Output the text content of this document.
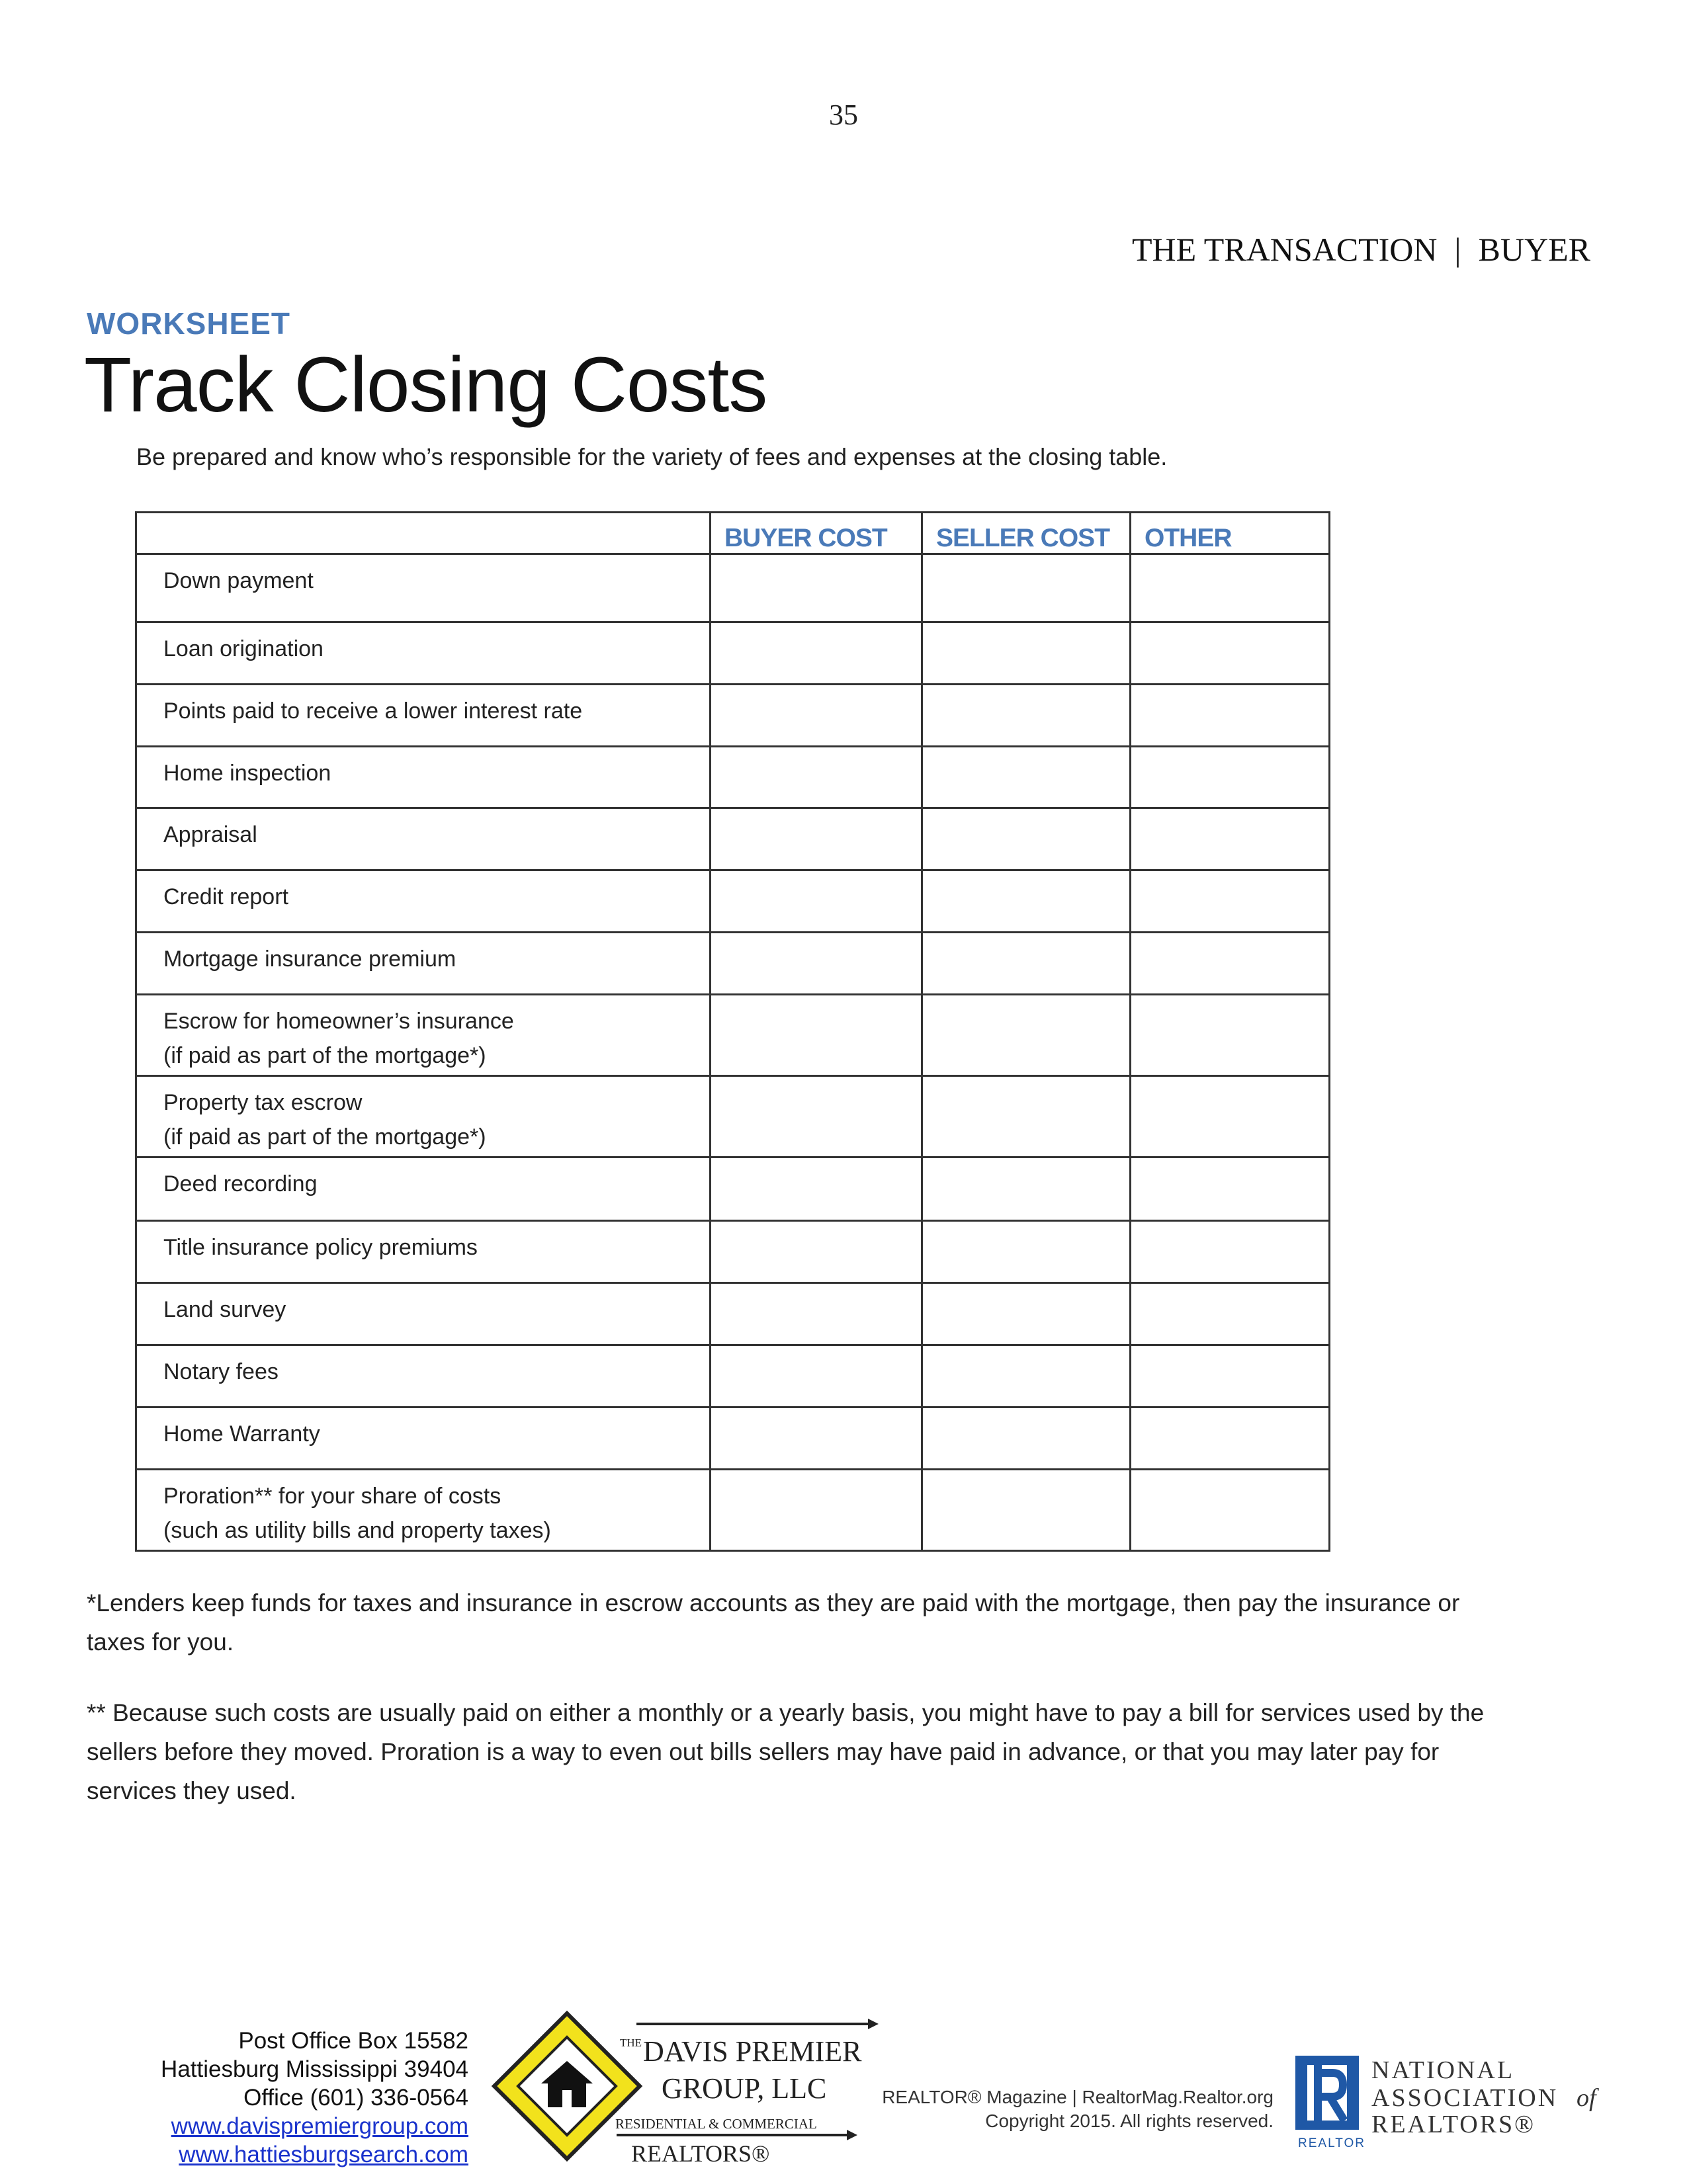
35
THE TRANSACTION | BUYER
WORKSHEET
Track Closing Costs
Be prepared and know who’s responsible for the variety of fees and expenses at the closing table.
	BUYER COST	SELLER COST	OTHER

Down payment			

Loan origination			

Points paid to receive a lower interest rate			

Home inspection			

Appraisal			

Credit report			

Mortgage insurance premium			

Escrow for homeowner’s insurance
(if paid as part of the mortgage*)			

Property tax escrow
(if paid as part of the mortgage*)			

Deed recording			

Title insurance policy premiums			

Land survey			

Notary fees			

Home Warranty			

Proration** for your share of costs
(such as utility bills and property taxes)			

*Lenders keep funds for taxes and insurance in escrow accounts as they are paid with the mortgage, then pay the insurance or taxes for you.

** Because such costs are usually paid on either a monthly or a yearly basis, you might have to pay a bill for services used by the sellers before they moved. Proration is a way to even out bills sellers may have paid in advance, or that you may later pay for services they used.

Post Office Box 15582
Hattiesburg Mississippi 39404
Office (601) 336-0564
www.davispremiergroup.com
www.hattiesburgsearch.com
THE DAVIS PREMIER
GROUP, LLC
RESIDENTIAL & COMMERCIAL
REALTORS®
REALTOR® Magazine | RealtorMag.Realtor.org
Copyright 2015. All rights reserved.
REALTOR
NATIONAL
ASSOCIATION of
REALTORS®
